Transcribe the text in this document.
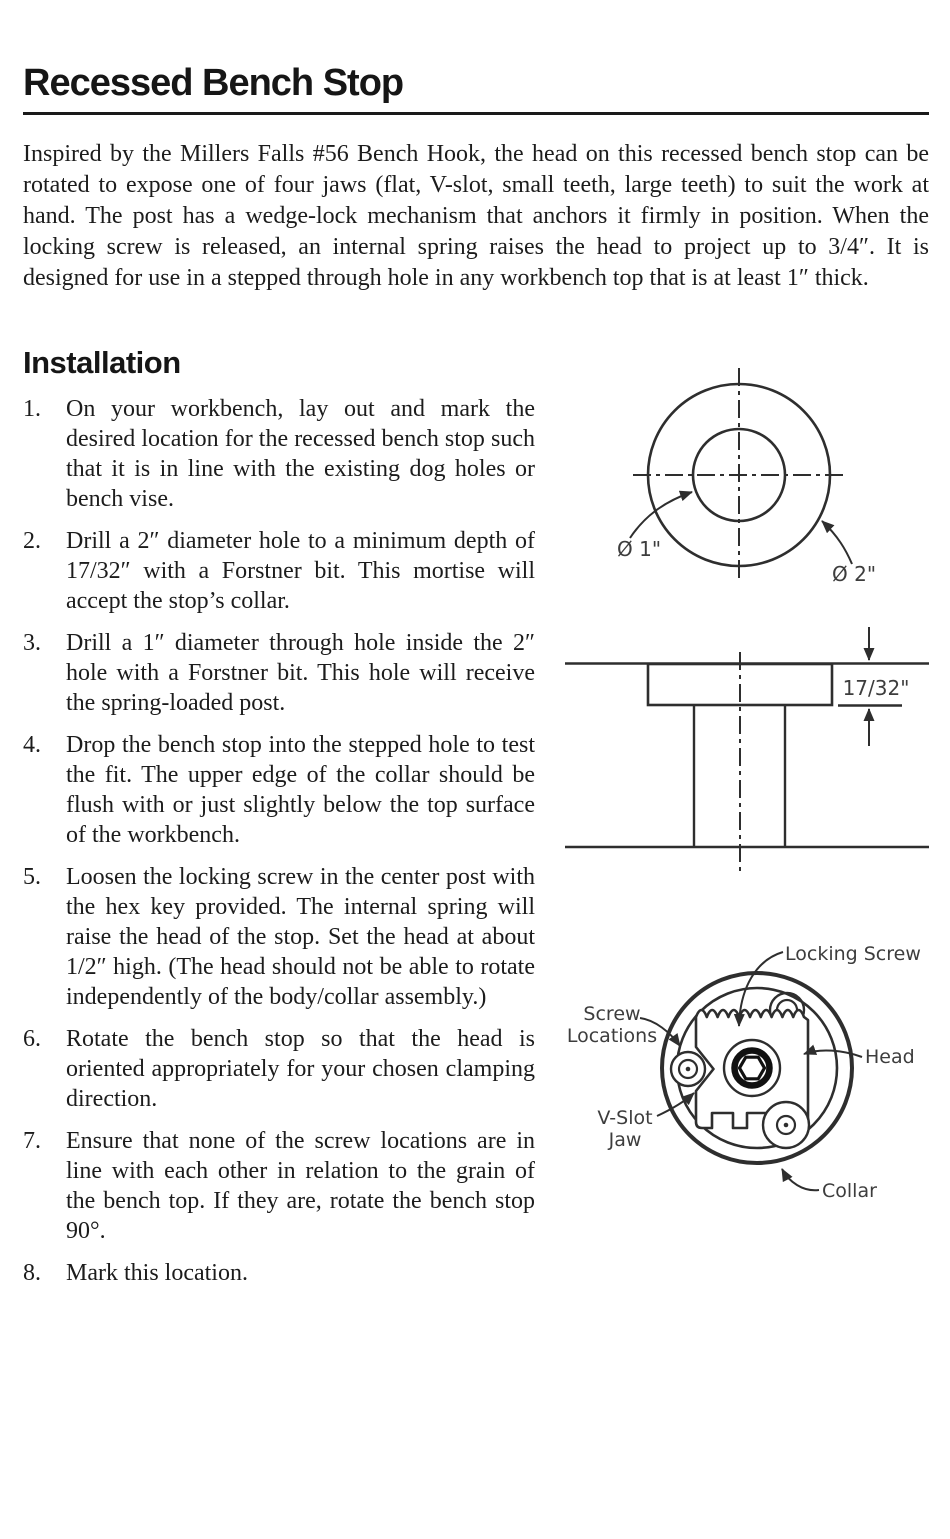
Recessed Bench Stop
Inspired by the Millers Falls #56 Bench Hook, the head on this recessed bench stop can be rotated to expose one of four jaws (flat, V-slot, small teeth, large teeth) to suit the work at hand. The post has a wedge-lock mechanism that anchors it firmly in position. When the locking screw is released, an internal spring raises the head to project up to 3/4″. It is designed for use in a stepped through hole in any workbench top that is at least 1″ thick.
Installation
1.	On your workbench, lay out and mark the desired location for the recessed bench stop such that it is in line with the existing dog holes or bench vise.
2.	Drill a 2″ diameter hole to a minimum depth of 17/32″ with a Forstner bit. This mortise will accept the stop’s collar.
3.	Drill a 1″ diameter through hole inside the 2″ hole with a Forstner bit. This hole will receive the spring-loaded post.
4.	Drop the bench stop into the stepped hole to test the fit. The upper edge of the collar should be flush with or just slightly below the top surface of the workbench.
5.	Loosen the locking screw in the center post with the hex key provided. The internal spring will raise the head of the stop. Set the head at about 1/2″ high. (The head should not be able to rotate independently of the body/collar assembly.)
6.	Rotate the bench stop so that the head is oriented appropriately for your chosen clamping direction.
7.	Ensure that none of the screw locations are in line with each other in relation to the grain of the bench top. If they are, rotate the bench stop 90°.
8.	Mark this location.
Ø 1"
Ø 2"
17/32"
Locking Screw
Screw
Locations
Head
V-Slot
Jaw
Collar
